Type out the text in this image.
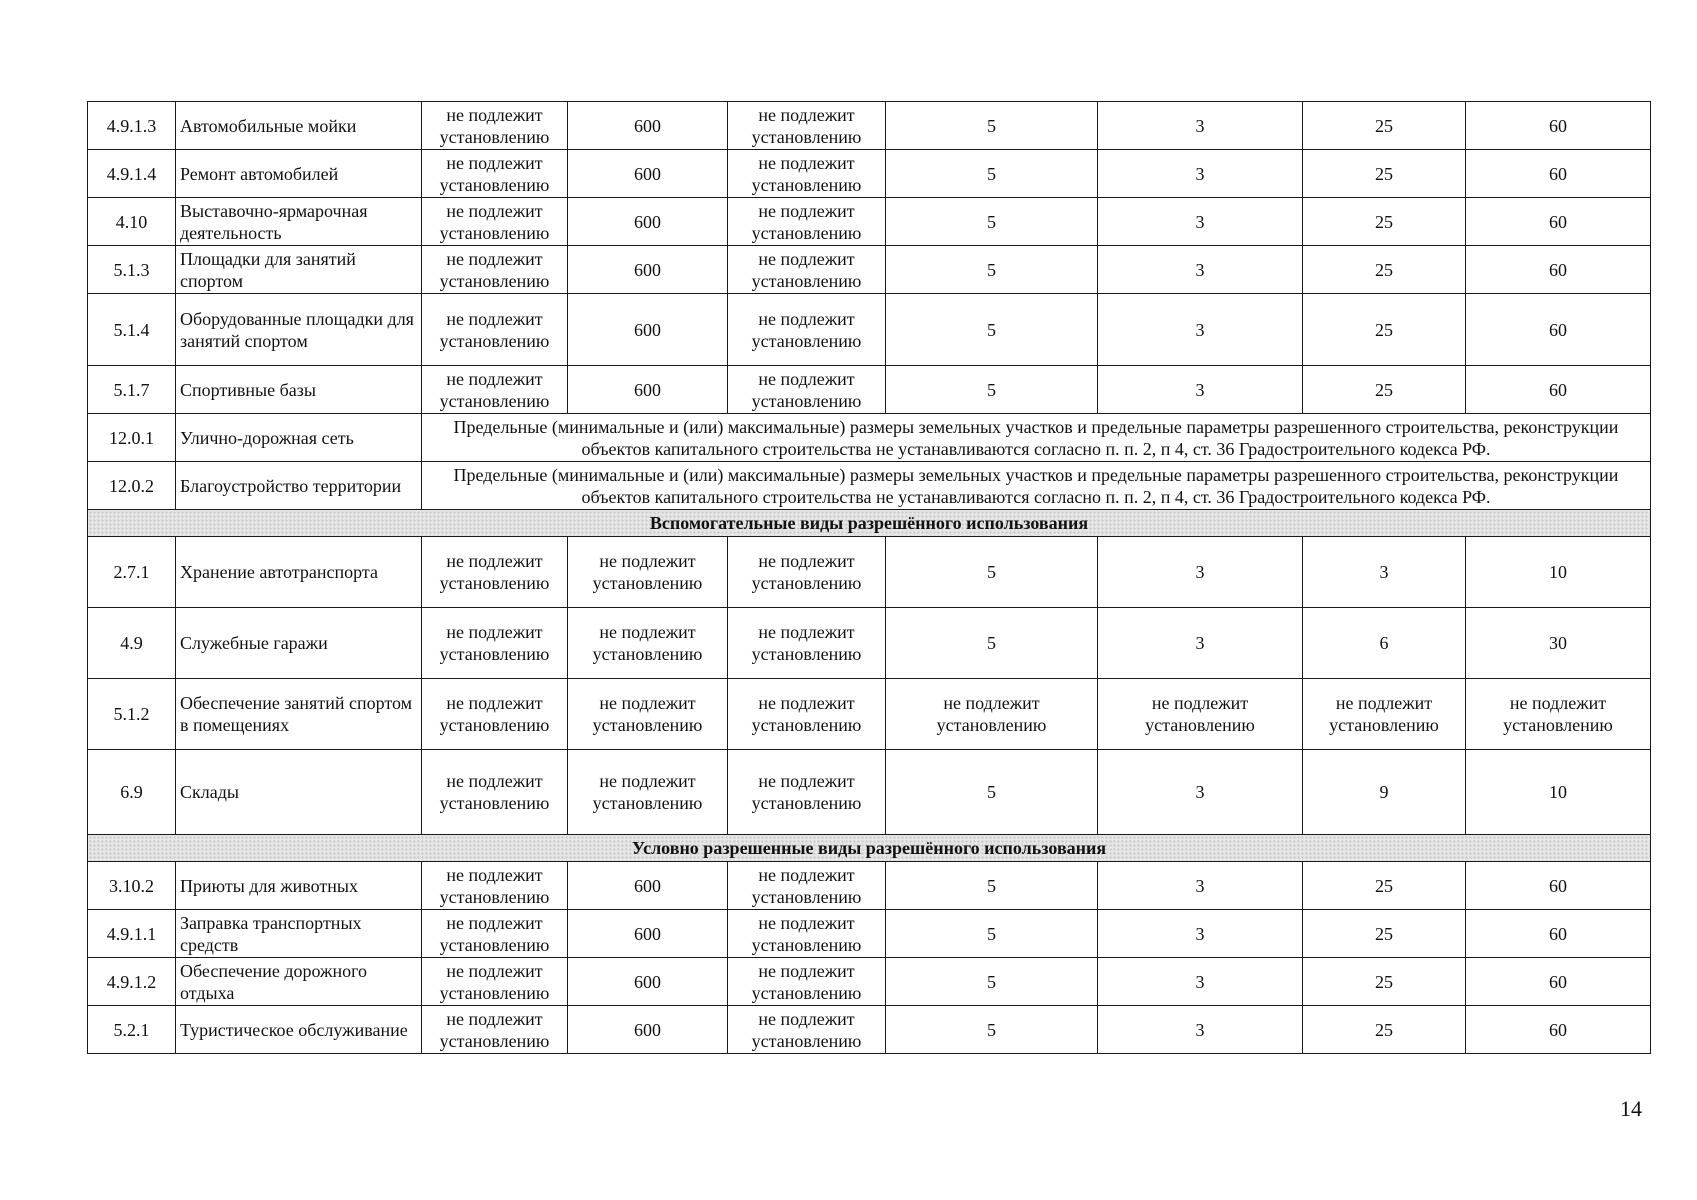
4.9.1.3	Автомобильные мойки	не подлежит установлению	600	не подлежит установлению	5	3	25	60
4.9.1.4	Ремонт автомобилей	не подлежит установлению	600	не подлежит установлению	5	3	25	60
4.10	Выставочно-ярмарочная деятельность	не подлежит установлению	600	не подлежит установлению	5	3	25	60
5.1.3	Площадки для занятий спортом	не подлежит установлению	600	не подлежит установлению	5	3	25	60
5.1.4	Оборудованные площадки для занятий спортом	не подлежит установлению	600	не подлежит установлению	5	3	25	60
5.1.7	Спортивные базы	не подлежит установлению	600	не подлежит установлению	5	3	25	60
12.0.1	Улично-дорожная сеть	Предельные (минимальные и (или) максимальные) размеры земельных участков и предельные параметры разрешенного строительства, реконструкции объектов капитального строительства не устанавливаются согласно п. п. 2, п 4, ст. 36 Градостроительного кодекса РФ.						
12.0.2	Благоустройство территории	Предельные (минимальные и (или) максимальные) размеры земельных участков и предельные параметры разрешенного строительства, реконструкции объектов капитального строительства не устанавливаются согласно п. п. 2, п 4, ст. 36 Градостроительного кодекса РФ.						
Вспомогательные виды разрешённого использования								
2.7.1	Хранение автотранспорта	не подлежит установлению	не подлежит установлению	не подлежит установлению	5	3	3	10
4.9	Служебные гаражи	не подлежит установлению	не подлежит установлению	не подлежит установлению	5	3	6	30
5.1.2	Обеспечение занятий спортом в помещениях	не подлежит установлению	не подлежит установлению	не подлежит установлению	не подлежит установлению	не подлежит установлению	не подлежит установлению	не подлежит установлению
6.9	Склады	не подлежит установлению	не подлежит установлению	не подлежит установлению	5	3	9	10
Условно разрешенные виды разрешённого использования								
3.10.2	Приюты для животных	не подлежит установлению	600	не подлежит установлению	5	3	25	60
4.9.1.1	Заправка транспортных средств	не подлежит установлению	600	не подлежит установлению	5	3	25	60
4.9.1.2	Обеспечение дорожного отдыха	не подлежит установлению	600	не подлежит установлению	5	3	25	60
5.2.1	Туристическое обслуживание	не подлежит установлению	600	не подлежит установлению	5	3	25	60
14
